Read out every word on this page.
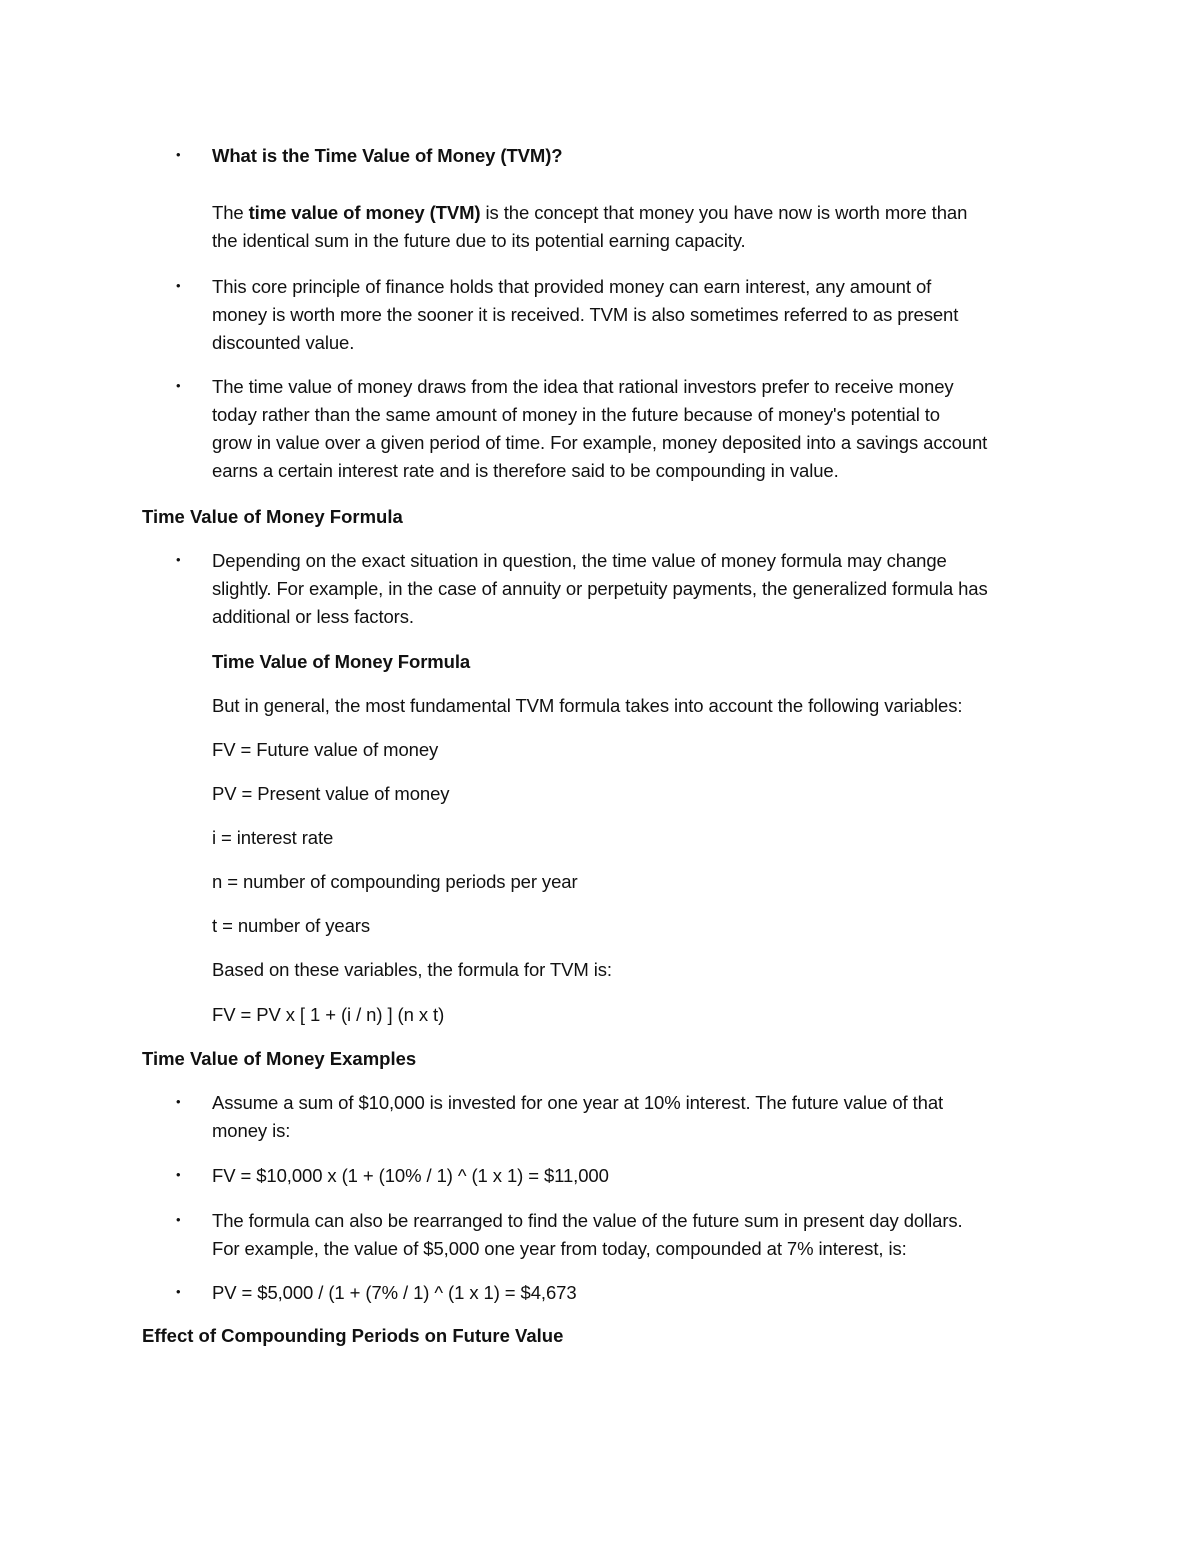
• What is the Time Value of Money (TVM)?
The time value of money (TVM) is the concept that money you have now is worth more than
the identical sum in the future due to its potential earning capacity.
• This core principle of finance holds that provided money can earn interest, any amount of
money is worth more the sooner it is received. TVM is also sometimes referred to as present
discounted value.
• The time value of money draws from the idea that rational investors prefer to receive money
today rather than the same amount of money in the future because of money's potential to
grow in value over a given period of time. For example, money deposited into a savings account
earns a certain interest rate and is therefore said to be compounding in value.
Time Value of Money Formula
• Depending on the exact situation in question, the time value of money formula may change
slightly. For example, in the case of annuity or perpetuity payments, the generalized formula has
additional or less factors.
Time Value of Money Formula
But in general, the most fundamental TVM formula takes into account the following variables:
FV = Future value of money
PV = Present value of money
i = interest rate
n = number of compounding periods per year
t = number of years
Based on these variables, the formula for TVM is:
FV = PV x [ 1 + (i / n) ] (n x t)
Time Value of Money Examples
• Assume a sum of $10,000 is invested for one year at 10% interest. The future value of that
money is:
• FV = $10,000 x (1 + (10% / 1) ^ (1 x 1) = $11,000
• The formula can also be rearranged to find the value of the future sum in present day dollars.
For example, the value of $5,000 one year from today, compounded at 7% interest, is:
• PV = $5,000 / (1 + (7% / 1) ^ (1 x 1) = $4,673
Effect of Compounding Periods on Future Value
